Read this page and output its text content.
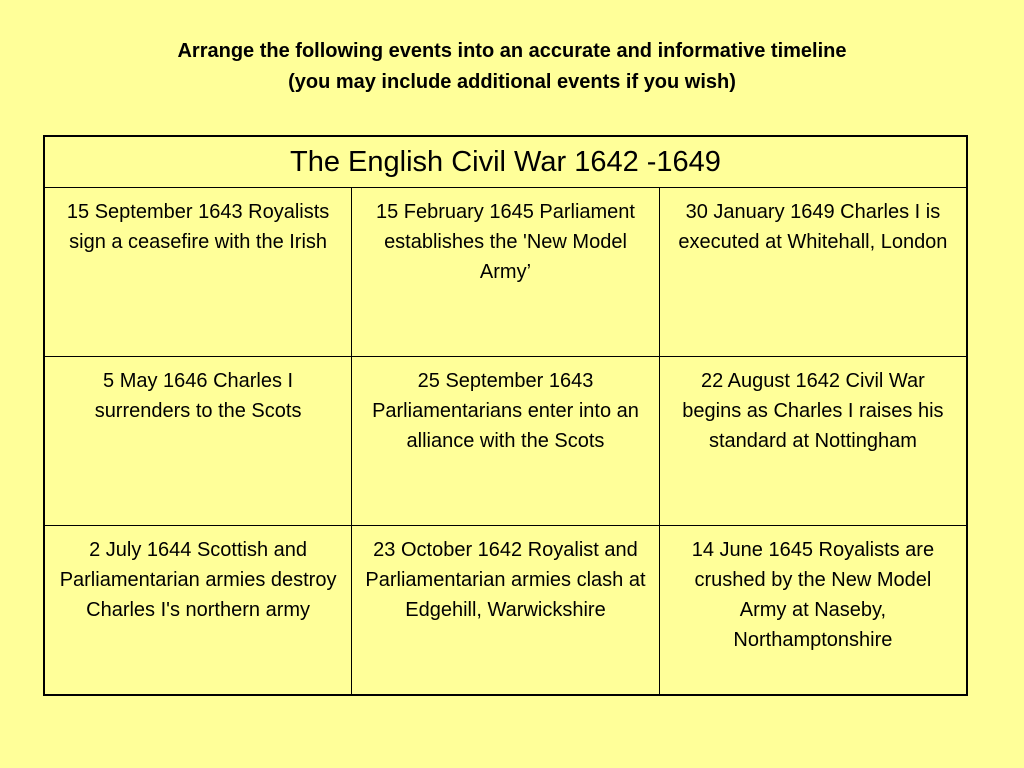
Arrange the following events into an accurate and informative timeline
(you may include additional events if you wish)
The English Civil War 1642 -1649		
15 September 1643 Royalists sign a ceasefire with the Irish	15 February 1645 Parliament establishes the 'New Model Army’	30 January 1649 Charles I is executed at Whitehall, London
5 May 1646 Charles I surrenders to the Scots	25 September 1643 Parliamentarians enter into an alliance with the Scots	22 August 1642 Civil War begins as Charles I raises his standard at Nottingham
2 July 1644 Scottish and Parliamentarian armies destroy Charles I's northern army	23 October 1642 Royalist and Parliamentarian armies clash at Edgehill, Warwickshire	14 June 1645 Royalists are crushed by the New Model Army at Naseby, Northamptonshire
